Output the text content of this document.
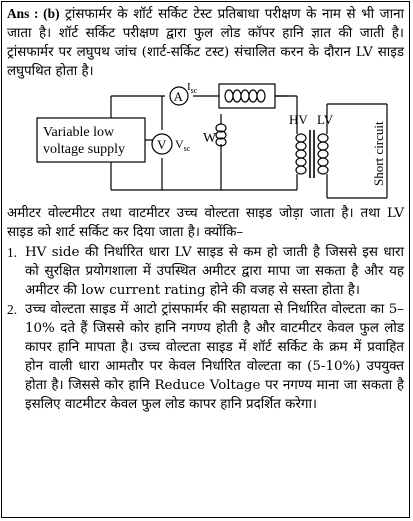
Ans : (b) ट्रांसफार्मर के शॉर्ट सर्किट टेस्ट प्रतिबाधा परीक्षण के नाम से भी जाना जाता है। शॉर्ट सर्किट परीक्षण द्वारा फुल लोड कॉपर हानि ज्ञात की जाती है। ट्रांसफार्मर पर लघुपथ जांच (शार्ट-सर्किट टस्ट) संचालित करन के दौरान LV साइड लघुपथित होता है।

Variable low
voltage supply
A
$I_{sc}$
W
V $V_{sc}$
HV LV
Short circuit

अमीटर वोल्टमीटर तथा वाटमीटर उच्च वोल्टता साइड जोड़ा जाता है। तथा LV साइड को शार्ट सर्किट कर दिया जाता है। क्योंकि–

1. HV side की निर्धारित धारा LV साइड से कम हो जाती है जिससे इस धारा को सुरक्षित प्रयोगशाला में उपस्थित अमीटर द्वारा मापा जा सकता है और यह अमीटर की low current rating होने की वजह से सस्ता होता है।
2. उच्च वोल्टता साइड में आटो ट्रांसफार्मर की सहायता से निर्धारित वोल्टता का 5–10% दते हैं जिससे कोर हानि नगण्य होती है और वाटमीटर केवल फुल लोड कापर हानि मापता है। उच्च वोल्टता साइड में शॉर्ट सर्किट के क्रम में प्रवाहित होन वाली धारा आमतौर पर केवल निर्धारित वोल्टता का (5-10%) उपयुक्त होता है। जिससे कोर हानि Reduce Voltage पर नगण्य माना जा सकता है इसलिए वाटमीटर केवल फुल लोड कापर हानि प्रदर्शित करेगा।
